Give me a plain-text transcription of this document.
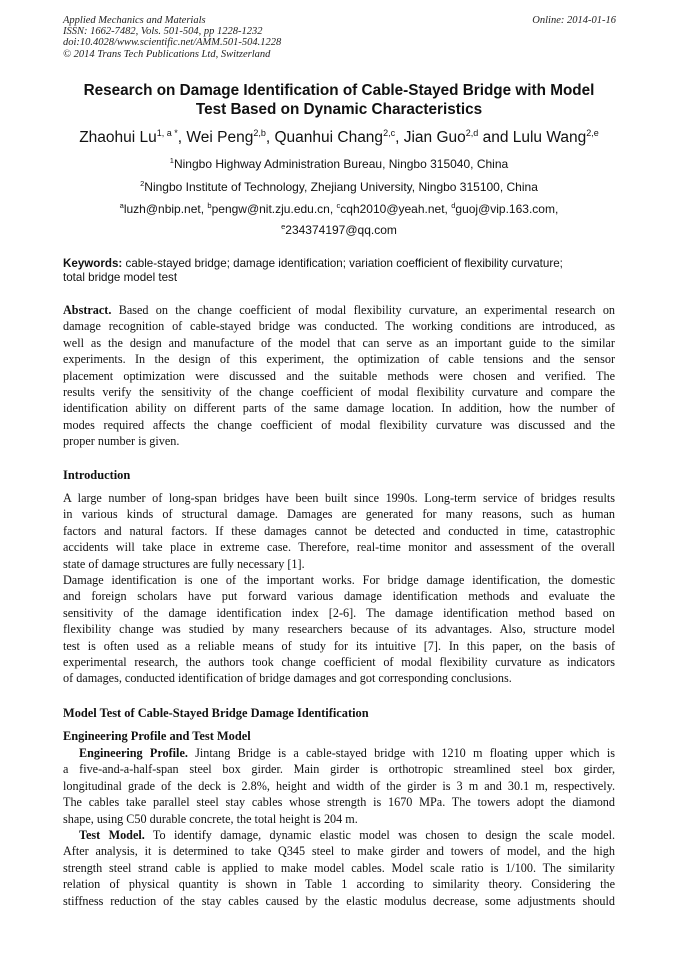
Applied Mechanics and Materials
ISSN: 1662-7482, Vols. 501-504, pp 1228-1232
doi:10.4028/www.scientific.net/AMM.501-504.1228
© 2014 Trans Tech Publications Ltd, Switzerland
Online: 2014-01-16
Research on Damage Identification of Cable-Stayed Bridge with Model
Test Based on Dynamic Characteristics
Zhaohui $Lu^{1, a *}$, Wei Peng$^{2,b}$, Quanhui Chang$^{2,c}$, Jian Guo$^{2,d}$ and Lulu Wang$^{2,e}$
$^1$Ningbo Highway Administration Bureau, Ningbo 315040, China
$^2$Ningbo Institute of Technology, Zhejiang University, Ningbo 315100, China
$^a$luzh@nbip.net, $^b$pengw@nit.zju.edu.cn, $^c$cqh2010@yeah.net, $^d$guoj@vip.163.com,
$^e$234374197@qq.com
Keywords: cable-stayed bridge; damage identification; variation coefficient of flexibility curvature;
total bridge model test
Abstract. Based on the change coefficient of modal flexibility curvature, an experimental research on
damage recognition of cable-stayed bridge was conducted. The working conditions are introduced, as
well as the design and manufacture of the model that can serve as an important guide to the similar
experiments. In the design of this experiment, the optimization of cable tensions and the sensor
placement optimization were discussed and the suitable methods were chosen and verified. The
results verify the sensitivity of the change coefficient of modal flexibility curvature and compare the
identification ability on different parts of the same damage location. In addition, how the number of
modes required affects the change coefficient of modal flexibility curvature was discussed and the
proper number is given.
Introduction
A large number of long-span bridges have been built since 1990s. Long-term service of bridges results
in various kinds of structural damage. Damages are generated for many reasons, such as human
factors and natural factors. If these damages cannot be detected and conducted in time, catastrophic
accidents will take place in extreme case. Therefore, real-time monitor and assessment of the overall
state of damage structures are fully necessary [1].
Damage identification is one of the important works. For bridge damage identification, the domestic
and foreign scholars have put forward various damage identification methods and evaluate the
sensitivity of the damage identification index [2-6]. The damage identification method based on
flexibility change was studied by many researchers because of its advantages. Also, structure model
test is often used as a reliable means of study for its intuitive [7]. In this paper, on the basis of
experimental research, the authors took change coefficient of modal flexibility curvature as indicators
of damages, conducted identification of bridge damages and got corresponding conclusions.
Model Test of Cable-Stayed Bridge Damage Identification
Engineering Profile and Test Model
Engineering Profile. Jintang Bridge is a cable-stayed bridge with 1210 m floating upper which is
a five-and-a-half-span steel box girder. Main girder is orthotropic streamlined steel box girder,
longitudinal grade of the deck is 2.8%, height and width of the girder is 3 m and 30.1 m, respectively.
The cables take parallel steel stay cables whose strength is 1670 MPa. The towers adopt the diamond
shape, using C50 durable concrete, the total height is 204 m.
Test Model. To identify damage, dynamic elastic model was chosen to design the scale model.
After analysis, it is determined to take Q345 steel to make girder and towers of model, and the high
strength steel strand cable is applied to make model cables. Model scale ratio is 1/100. The similarity
relation of physical quantity is shown in Table 1 according to similarity theory. Considering the
stiffness reduction of the stay cables caused by the elastic modulus decrease, some adjustments should
